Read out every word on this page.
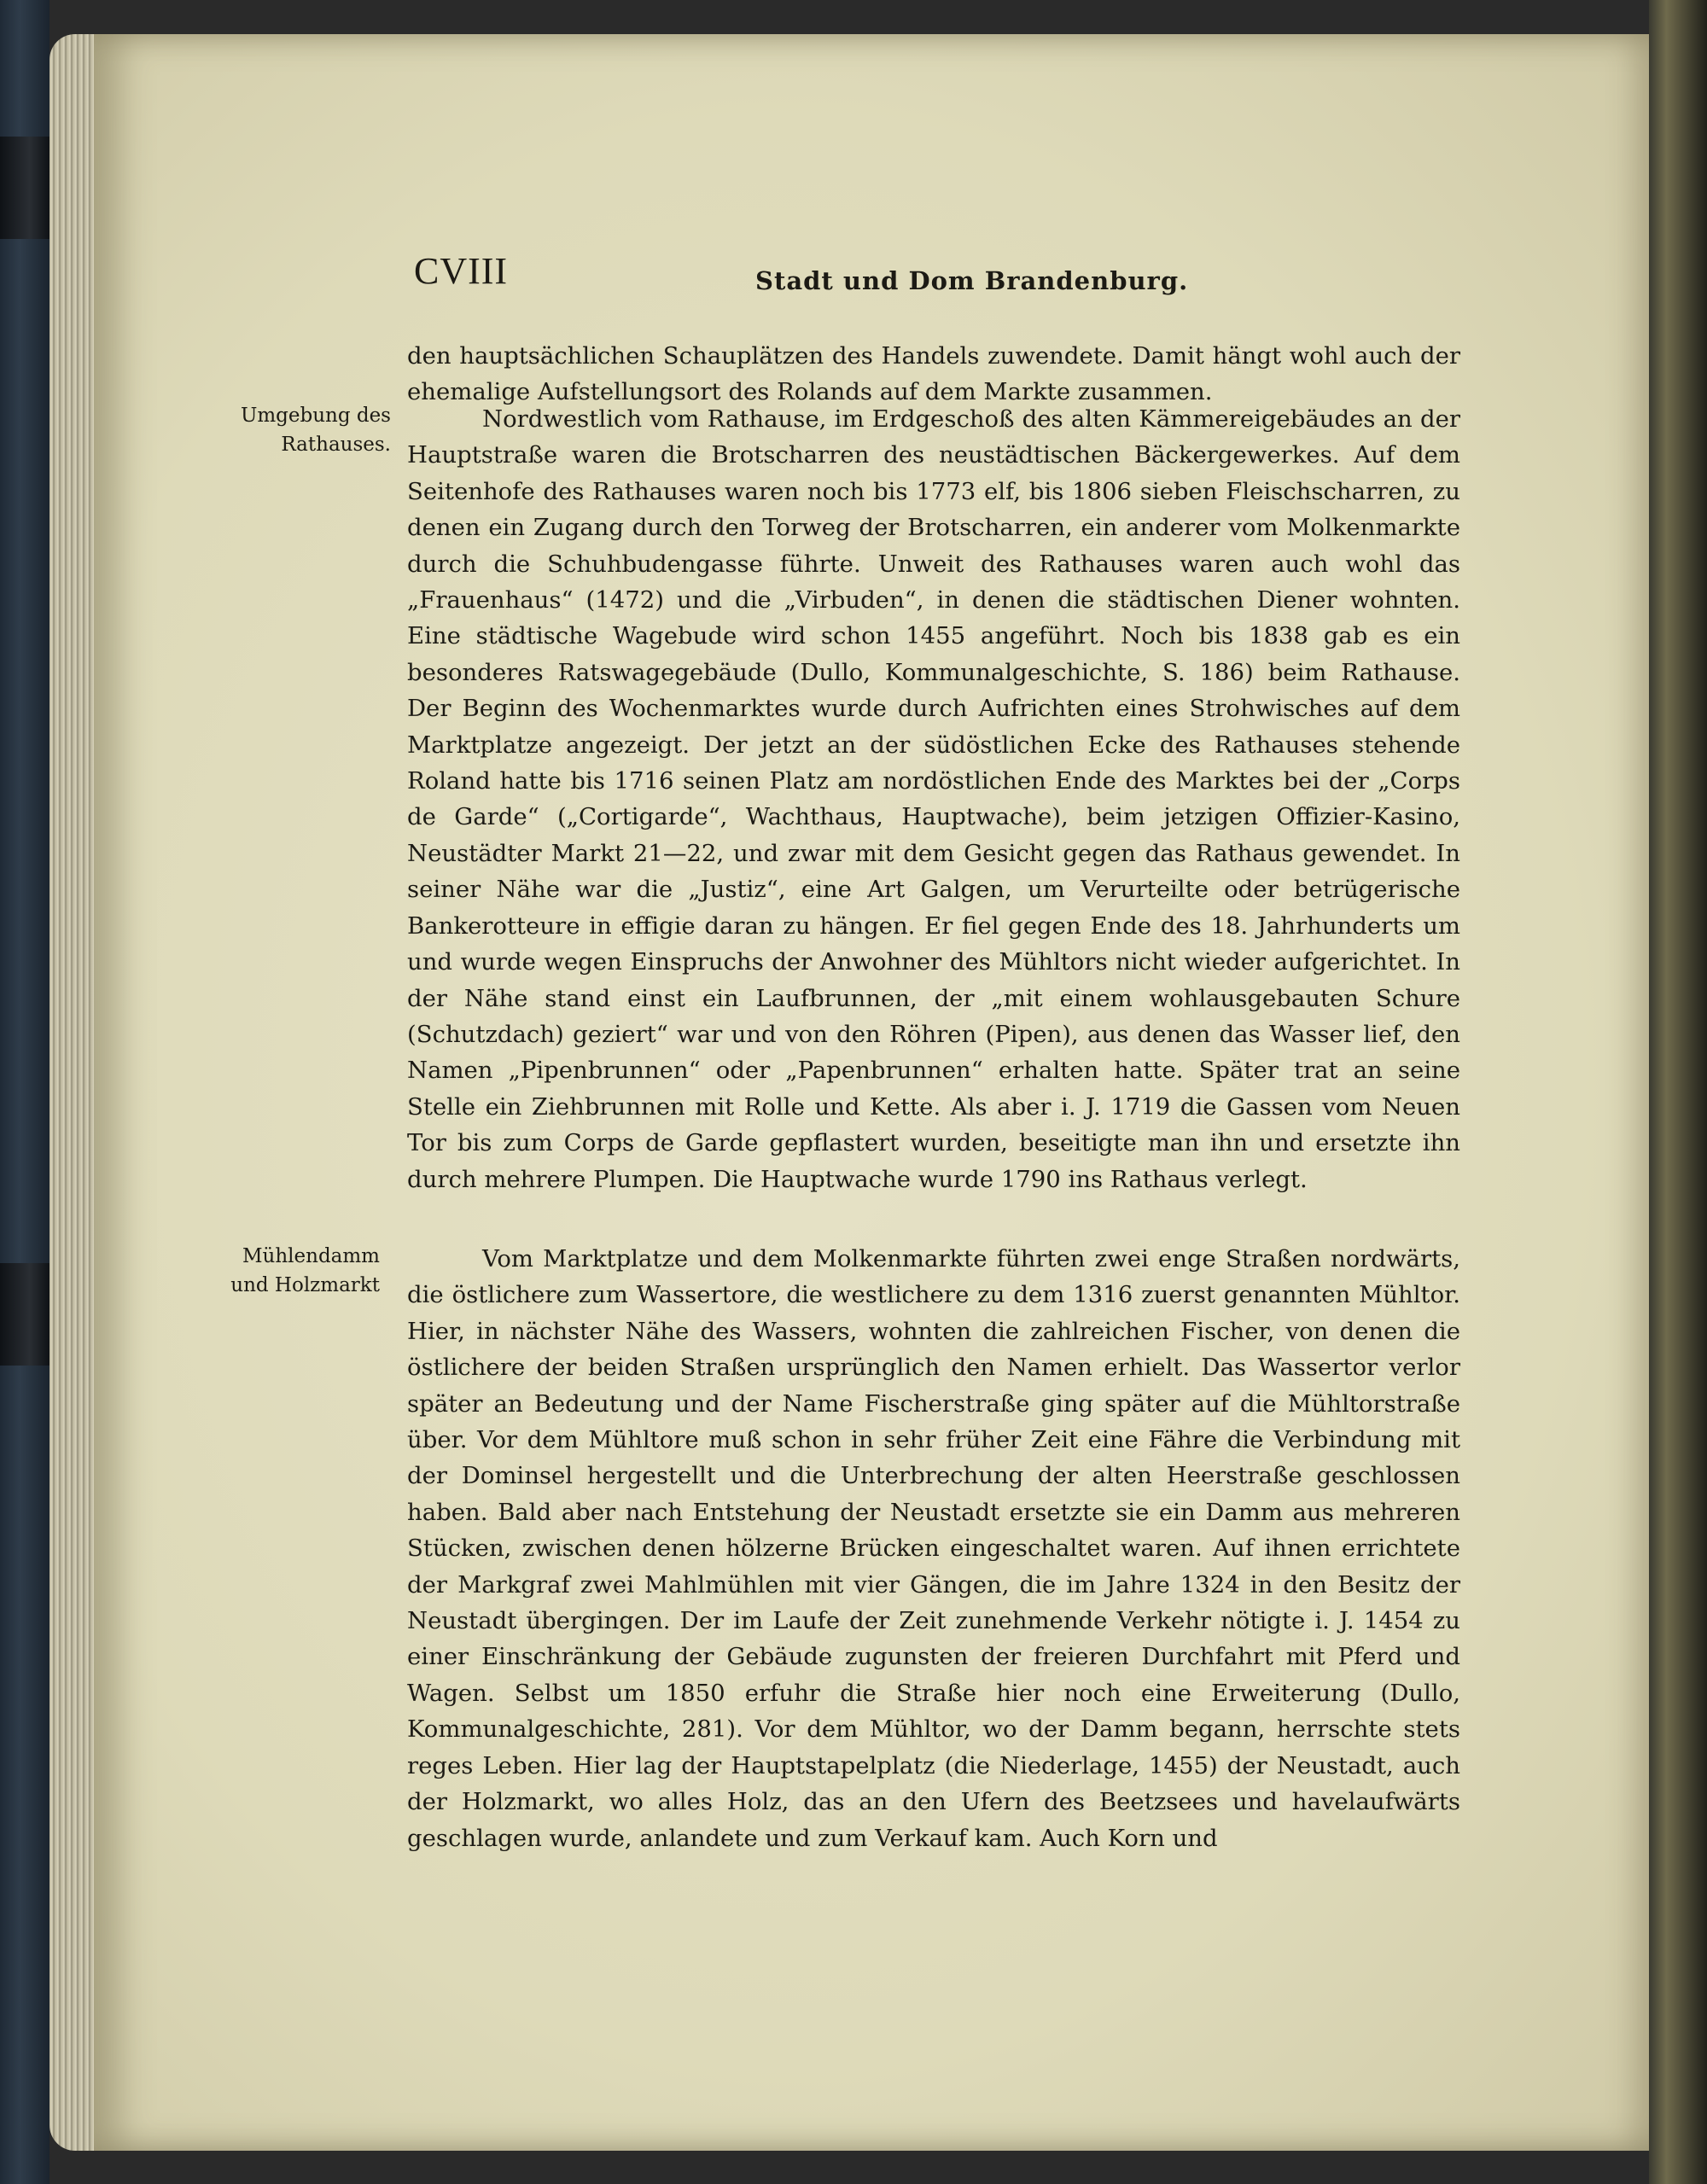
CVIII	Stadt und Dom Brandenburg.
Umgebung des Rathauses.
Mühlendamm und Holzmarkt
den hauptsächlichen Schauplätzen des Handels zuwendete. Damit hängt wohl auch der ehemalige Aufstellungsort des Rolands auf dem Markte zusammen.
Nordwestlich vom Rathause, im Erdgeschoß des alten Kämmereigebäudes an der Hauptstraße waren die Brotscharren des neustädtischen Bäckergewerkes. Auf dem Seitenhofe des Rathauses waren noch bis 1773 elf, bis 1806 sieben Fleischscharren, zu denen ein Zugang durch den Torweg der Brotscharren, ein anderer vom Molkenmarkte durch die Schuhbudengasse führte. Unweit des Rathauses waren auch wohl das „Frauenhaus“ (1472) und die „Virbuden“, in denen die städtischen Diener wohnten. Eine städtische Wagebude wird schon 1455 angeführt. Noch bis 1838 gab es ein besonderes Ratswagegebäude (Dullo, Kommunalgeschichte, S. 186) beim Rathause. Der Beginn des Wochenmarktes wurde durch Aufrichten eines Strohwisches auf dem Marktplatze angezeigt. Der jetzt an der südöstlichen Ecke des Rathauses stehende Roland hatte bis 1716 seinen Platz am nordöstlichen Ende des Marktes bei der „Corps de Garde“ („Cortigarde“, Wachthaus, Hauptwache), beim jetzigen Offizier-Kasino, Neustädter Markt 21—22, und zwar mit dem Gesicht gegen das Rathaus gewendet. In seiner Nähe war die „Justiz“, eine Art Galgen, um Verurteilte oder betrügerische Bankerotteure in effigie daran zu hängen. Er fiel gegen Ende des 18. Jahrhunderts um und wurde wegen Einspruchs der Anwohner des Mühltors nicht wieder aufgerichtet. In der Nähe stand einst ein Laufbrunnen, der „mit einem wohlausgebauten Schure (Schutzdach) geziert“ war und von den Röhren (Pipen), aus denen das Wasser lief, den Namen „Pipenbrunnen“ oder „Papenbrunnen“ erhalten hatte. Später trat an seine Stelle ein Ziehbrunnen mit Rolle und Kette. Als aber i. J. 1719 die Gassen vom Neuen Tor bis zum Corps de Garde gepflastert wurden, beseitigte man ihn und ersetzte ihn durch mehrere Plumpen. Die Hauptwache wurde 1790 ins Rathaus verlegt.
Vom Marktplatze und dem Molkenmarkte führten zwei enge Straßen nordwärts, die östlichere zum Wassertore, die westlichere zu dem 1316 zuerst genannten Mühltor. Hier, in nächster Nähe des Wassers, wohnten die zahlreichen Fischer, von denen die östlichere der beiden Straßen ursprünglich den Namen erhielt. Das Wassertor verlor später an Bedeutung und der Name Fischerstraße ging später auf die Mühltorstraße über. Vor dem Mühltore muß schon in sehr früher Zeit eine Fähre die Verbindung mit der Dominsel hergestellt und die Unterbrechung der alten Heerstraße geschlossen haben. Bald aber nach Entstehung der Neustadt ersetzte sie ein Damm aus mehreren Stücken, zwischen denen hölzerne Brücken eingeschaltet waren. Auf ihnen errichtete der Markgraf zwei Mahlmühlen mit vier Gängen, die im Jahre 1324 in den Besitz der Neustadt übergingen. Der im Laufe der Zeit zunehmende Verkehr nötigte i. J. 1454 zu einer Einschränkung der Gebäude zugunsten der freieren Durchfahrt mit Pferd und Wagen. Selbst um 1850 erfuhr die Straße hier noch eine Erweiterung (Dullo, Kommunalgeschichte, 281). Vor dem Mühltor, wo der Damm begann, herrschte stets reges Leben. Hier lag der Hauptstapelplatz (die Niederlage, 1455) der Neustadt, auch der Holzmarkt, wo alles Holz, das an den Ufern des Beetzsees und havelaufwärts geschlagen wurde, anlandete und zum Verkauf kam. Auch Korn und
